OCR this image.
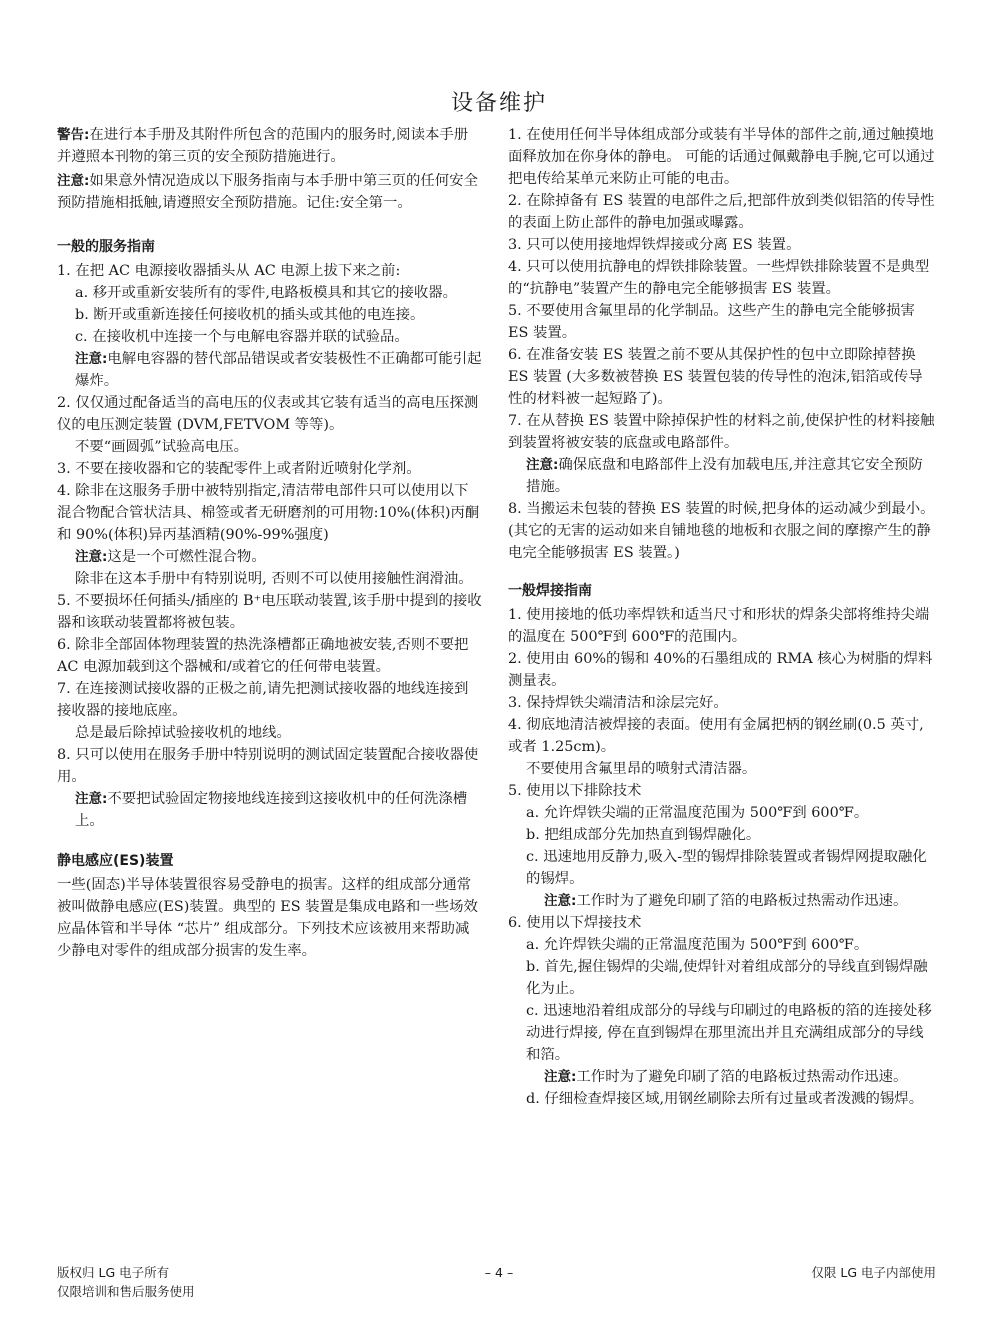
设备维护

警告:在进行本手册及其附件所包含的范围内的服务时,阅读本手册并遵照本刊物的第三页的安全预防措施进行。

注意:如果意外情况造成以下服务指南与本手册中第三页的任何安全预防措施相抵触,请遵照安全预防措施。记住:安全第一。

一般的服务指南

1. 在把 AC 电源接收器插头从 AC 电源上拔下来之前:

a. 移开或重新安装所有的零件,电路板模具和其它的接收器。

b. 断开或重新连接任何接收机的插头或其他的电连接。

c. 在接收机中连接一个与电解电容器并联的试验品。

注意:电解电容器的替代部品错误或者安装极性不正确都可能引起爆炸。

2. 仅仅通过配备适当的高电压的仪表或其它装有适当的高电压探测仪的电压测定装置 (DVM,FETVOM 等等)。

不要“画圆弧”试验高电压。

3. 不要在接收器和它的装配零件上或者附近喷射化学剂。

4. 除非在这服务手册中被特别指定,清洁带电部件只可以使用以下混合物配合管状洁具、棉签或者无研磨剂的可用物:10%(体积)丙酮和 90%(体积)异丙基酒精(90%-99%强度)

注意:这是一个可燃性混合物。

除非在这本手册中有特别说明, 否则不可以使用接触性润滑油。

5. 不要损坏任何插头/插座的 B⁺电压联动装置,该手册中提到的接收器和该联动装置都将被包装。

6. 除非全部固体物理装置的热洗涤槽都正确地被安装,否则不要把 AC 电源加载到这个器械和/或着它的任何带电装置。

7. 在连接测试接收器的正极之前,请先把测试接收器的地线连接到接收器的接地底座。

总是最后除掉试验接收机的地线。

8. 只可以使用在服务手册中特别说明的测试固定装置配合接收器使用。

注意:不要把试验固定物接地线连接到这接收机中的任何洗涤槽上。

静电感应(ES)装置

一些(固态)半导体装置很容易受静电的损害。这样的组成部分通常被叫做静电感应(ES)装置。典型的 ES 装置是集成电路和一些场效应晶体管和半导体 “芯片” 组成部分。下列技术应该被用来帮助减少静电对零件的组成部分损害的发生率。

1. 在使用任何半导体组成部分或装有半导体的部件之前,通过触摸地面释放加在你身体的静电。 可能的话通过佩戴静电手腕,它可以通过把电传给某单元来防止可能的电击。

2. 在除掉备有 ES 装置的电部件之后,把部件放到类似铝箔的传导性的表面上防止部件的静电加强或曝露。

3. 只可以使用接地焊铁焊接或分离 ES 装置。

4. 只可以使用抗静电的焊铁排除装置。一些焊铁排除装置不是典型的“抗静电”装置产生的静电完全能够损害 ES 装置。

5. 不要使用含氟里昂的化学制品。这些产生的静电完全能够损害 ES 装置。

6. 在准备安装 ES 装置之前不要从其保护性的包中立即除掉替换 ES 装置 (大多数被替换 ES 装置包装的传导性的泡沫,铝箔或传导性的材料被一起短路了)。

7. 在从替换 ES 装置中除掉保护性的材料之前,使保护性的材料接触到装置将被安装的底盘或电路部件。

注意:确保底盘和电路部件上没有加载电压,并注意其它安全预防措施。

8. 当搬运未包装的替换 ES 装置的时候,把身体的运动减少到最小。(其它的无害的运动如来自铺地毯的地板和衣服之间的摩擦产生的静电完全能够损害 ES 装置。)

一般焊接指南

1. 使用接地的低功率焊铁和适当尺寸和形状的焊条尖部将维持尖端的温度在 500℉到 600℉的范围内。

2. 使用由 60%的锡和 40%的石墨组成的 RMA 核心为树脂的焊料测量表。

3. 保持焊铁尖端清洁和涂层完好。

4. 彻底地清洁被焊接的表面。使用有金属把柄的钢丝刷(0.5 英寸,或者 1.25cm)。

不要使用含氟里昂的喷射式清洁器。

5. 使用以下排除技术

a. 允许焊铁尖端的正常温度范围为 500℉到 600℉。

b. 把组成部分先加热直到锡焊融化。

c. 迅速地用反静力,吸入-型的锡焊排除装置或者锡焊网提取融化的锡焊。

注意:工作时为了避免印刷了箔的电路板过热需动作迅速。

6. 使用以下焊接技术

a. 允许焊铁尖端的正常温度范围为 500℉到 600℉。

b. 首先,握住锡焊的尖端,使焊针对着组成部分的导线直到锡焊融化为止。

c. 迅速地沿着组成部分的导线与印刷过的电路板的箔的连接处移动进行焊接, 停在直到锡焊在那里流出并且充满组成部分的导线和箔。

注意:工作时为了避免印刷了箔的电路板过热需动作迅速。

d. 仔细检查焊接区域,用钢丝刷除去所有过量或者泼溅的锡焊。

版权归 LG 电子所有
仅限培训和售后服务使用
– 4 –	仅限 LG 电子内部使用
